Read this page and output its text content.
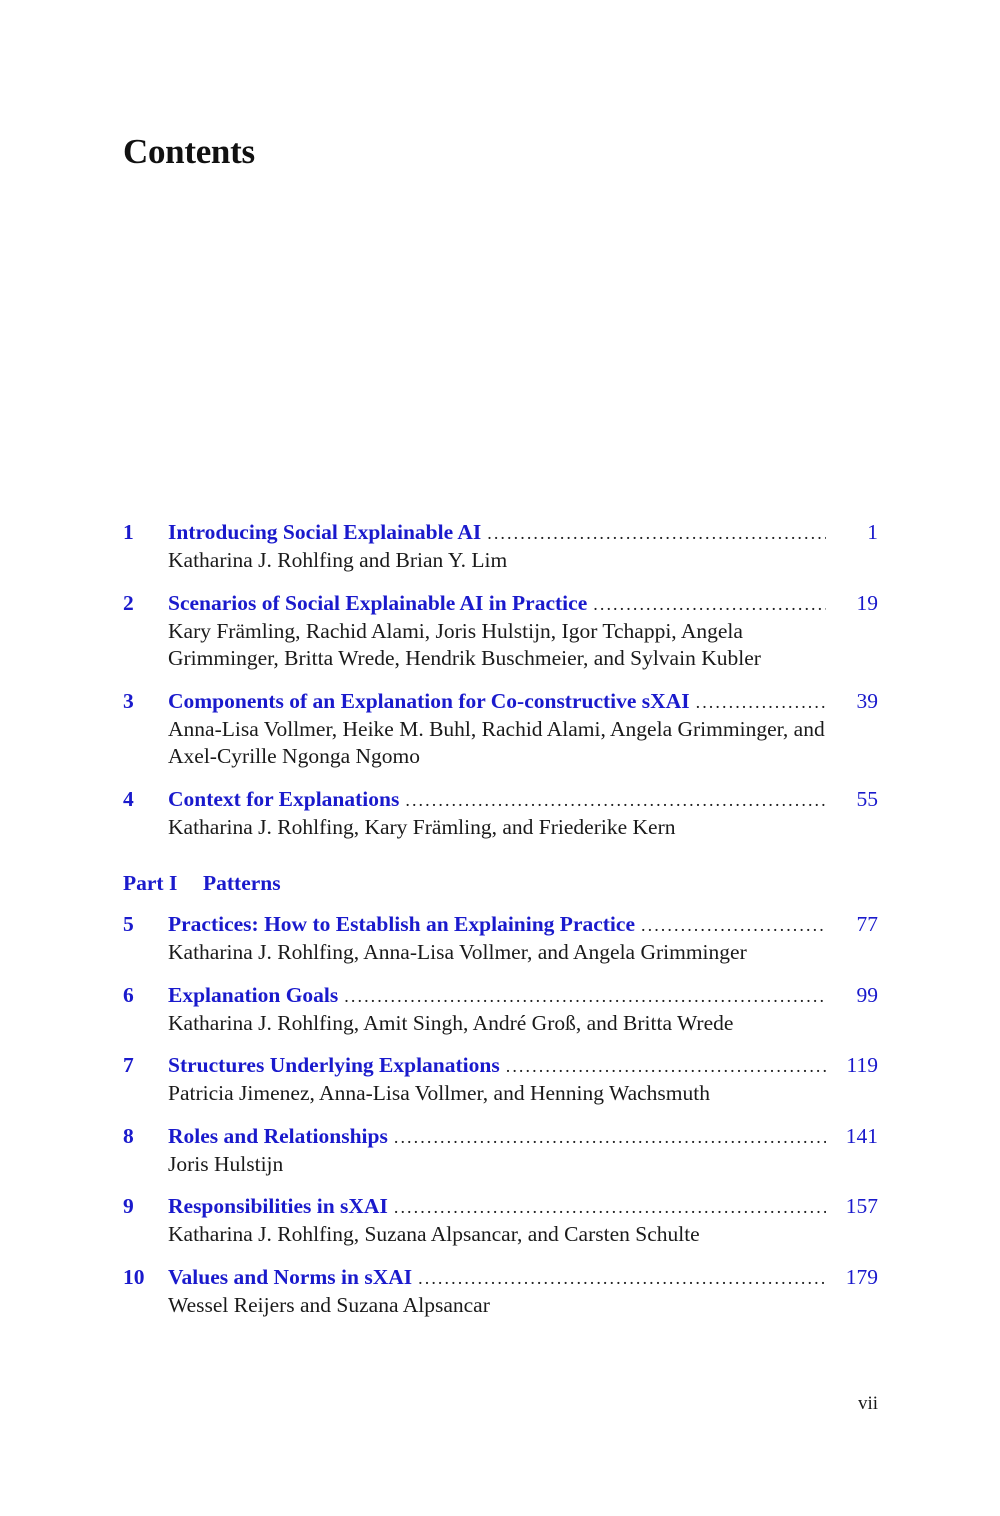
Contents
1	Introducing Social Explainable AI . . .	1
Katharina J. Rohlfing and Brian Y. Lim
2	Scenarios of Social Explainable AI in Practice . . .	19
Kary Främling, Rachid Alami, Joris Hulstijn, Igor Tchappi, Angela Grimminger, Britta Wrede, Hendrik Buschmeier, and Sylvain Kubler
3	Components of an Explanation for Co-constructive sXAI . . .	39
Anna-Lisa Vollmer, Heike M. Buhl, Rachid Alami, Angela Grimminger, and Axel-Cyrille Ngonga Ngomo
4	Context for Explanations . . .	55
Katharina J. Rohlfing, Kary Främling, and Friederike Kern
Part I	Patterns
5	Practices: How to Establish an Explaining Practice . . .	77
Katharina J. Rohlfing, Anna-Lisa Vollmer, and Angela Grimminger
6	Explanation Goals . . .	99
Katharina J. Rohlfing, Amit Singh, André Groß, and Britta Wrede
7	Structures Underlying Explanations . . .	119
Patricia Jimenez, Anna-Lisa Vollmer, and Henning Wachsmuth
8	Roles and Relationships . . .	141
Joris Hulstijn
9	Responsibilities in sXAI . . .	157
Katharina J. Rohlfing, Suzana Alpsancar, and Carsten Schulte
10	Values and Norms in sXAI . . .	179
Wessel Reijers and Suzana Alpsancar
vii
